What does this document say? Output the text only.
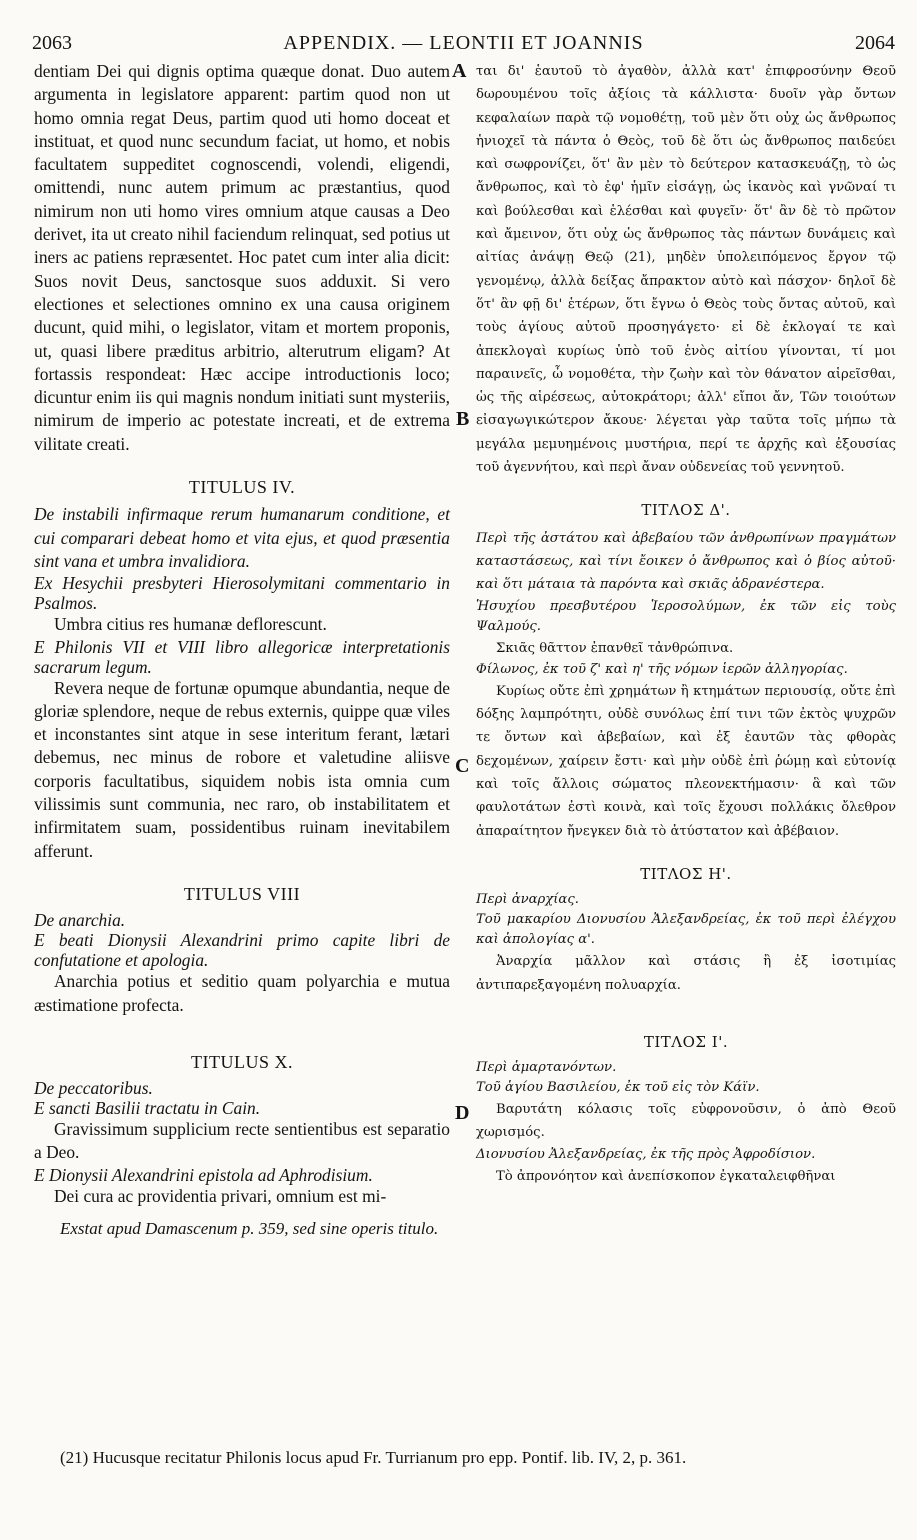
2063	APPENDIX. — LEONTII ET JOANNIS	2064

dentiam Dei qui dignis optima quæque donat. Duo autem argumenta in legislatore apparent: partim quod non ut homo omnia regat Deus, partim quod uti homo doceat et instituat, et quod nunc secundum faciat, ut homo, et nobis facultatem suppeditet cognoscendi, volendi, eligendi, omittendi, nunc autem primum ac præstantius, quod nimirum non uti homo vires omnium atque causas a Deo derivet, ita ut creato nihil faciendum relinquat, sed potius ut iners ac patiens repræsentet. Hoc patet cum inter alia dicit: Suos novit Deus, sanctosque suos adduxit. Si vero electiones et selectiones omnino ex una causa originem ducunt, quid mihi, o legislator, vitam et mortem proponis, ut, quasi libere præditus arbitrio, alterutrum eligam? At fortassis respondeat: Hæc accipe introductionis loco; dicuntur enim iis qui magnis nondum initiati sunt mysteriis, nimirum de imperio ac potestate increati, et de extrema vilitate creati.

TITULUS IV.

De instabili infirmaque rerum humanarum conditione, et cui comparari debeat homo et vita ejus, et quod præsentia sint vana et umbra invalidiora.

Ex Hesychii presbyteri Hierosolymitani commentario in Psalmos.

Umbra citius res humanæ deflorescunt.

E Philonis VII et VIII libro allegoricæ interpretationis sacrarum legum.

Revera neque de fortunæ opumque abundantia, neque de gloriæ splendore, neque de rebus externis, quippe quæ viles et inconstantes sint atque in sese interitum ferant, lætari debemus, nec minus de robore et valetudine aliisve corporis facultatibus, siquidem nobis ista omnia cum vilissimis sunt communia, nec raro, ob instabilitatem et infirmitatem suam, possidentibus ruinam inevitabilem afferunt.

TITULUS VIII

De anarchia.

E beati Dionysii Alexandrini primo capite libri de confutatione et apologia.

Anarchia potius et seditio quam polyarchia e mutua æstimatione profecta.

TITULUS X.

De peccatoribus.

E sancti Basilii tractatu in Cain.

Gravissimum supplicium recte sentientibus est separatio a Deo.

E Dionysii Alexandrini epistola ad Aphrodisium.

Dei cura ac providentia privari, omnium est mi-

ται δι' ἑαυτοῦ τὸ ἀγαθὸν, ἀλλὰ κατ' ἐπιφροσύνην Θεοῦ δωρουμένου τοῖς ἀξίοις τὰ κάλλιστα· δυοῖν γὰρ ὄντων κεφαλαίων παρὰ τῷ νομοθέτῃ, τοῦ μὲν ὅτι οὐχ ὡς ἄνθρωπος ἡνιοχεῖ τὰ πάντα ὁ Θεὸς, τοῦ δὲ ὅτι ὡς ἄνθρωπος παιδεύει καὶ σωφρονίζει, ὅτ' ἂν μὲν τὸ δεύτερον κατασκευάζῃ, τὸ ὡς ἄνθρωπος, καὶ τὸ ἐφ' ἡμῖν εἰσάγῃ, ὡς ἱκανὸς καὶ γνῶναί τι καὶ βούλεσθαι καὶ ἑλέσθαι καὶ φυγεῖν· ὅτ' ἂν δὲ τὸ πρῶτον καὶ ἄμεινον, ὅτι οὐχ ὡς ἄνθρωπος τὰς πάντων δυνάμεις καὶ αἰτίας ἀνάψῃ Θεῷ (21), μηδὲν ὑπολειπόμενος ἔργον τῷ γενομένῳ, ἀλλὰ δείξας ἄπρακτον αὐτὸ καὶ πάσχον· δηλοῖ δὲ ὅτ' ἂν φῇ δι' ἑτέρων, ὅτι ἔγνω ὁ Θεὸς τοὺς ὄντας αὐτοῦ, καὶ τοὺς ἁγίους αὐτοῦ προσηγάγετο· εἰ δὲ ἐκλογαί τε καὶ ἀπεκλογαὶ κυρίως ὑπὸ τοῦ ἑνὸς αἰτίου γίνονται, τί μοι παραινεῖς, ὦ νομοθέτα, τὴν ζωὴν καὶ τὸν θάνατον αἱρεῖσθαι, ὡς τῆς αἱρέσεως, αὐτοκράτορι; ἀλλ' εἴποι ἄν, Τῶν τοιούτων εἰσαγωγικώτερον ἄκουε· λέγεται γὰρ ταῦτα τοῖς μήπω τὰ μεγάλα μεμυημένοις μυστήρια, περί τε ἀρχῆς καὶ ἐξουσίας τοῦ ἀγεννήτου, καὶ περὶ ἄναν οὐδενείας τοῦ γεννητοῦ.

ΤΙΤΛΟΣ Δ'.

Περὶ τῆς ἀστάτου καὶ ἀβεβαίου τῶν ἀνθρωπίνων πραγμάτων καταστάσεως, καὶ τίνι ἔοικεν ὁ ἄνθρωπος καὶ ὁ βίος αὐτοῦ· καὶ ὅτι μάταια τὰ παρόντα καὶ σκιᾶς ἀδρανέστερα.

Ἡσυχίου πρεσβυτέρου Ἱεροσολύμων, ἐκ τῶν εἰς τοὺς Ψαλμούς.

Σκιᾶς θᾶττον ἐπανθεῖ τἀνθρώπινα.

Φίλωνος, ἐκ τοῦ ζ' καὶ η' τῆς νόμων ἱερῶν ἀλληγορίας.

Κυρίως οὔτε ἐπὶ χρημάτων ἢ κτημάτων περιουσίᾳ, οὔτε ἐπὶ δόξης λαμπρότητι, οὐδὲ συνόλως ἐπί τινι τῶν ἐκτὸς ψυχρῶν τε ὄντων καὶ ἀβεβαίων, καὶ ἐξ ἑαυτῶν τὰς φθορὰς δεχομένων, χαίρειν ἔστι· καὶ μὴν οὐδὲ ἐπὶ ῥώμῃ καὶ εὐτονίᾳ καὶ τοῖς ἄλλοις σώματος πλεονεκτήμασιν· ἃ καὶ τῶν φαυλοτάτων ἐστὶ κοινὰ, καὶ τοῖς ἔχουσι πολλάκις ὄλεθρον ἀπαραίτητον ἤνεγκεν διὰ τὸ ἀτύστατον καὶ ἀβέβαιον.

ΤΙΤΛΟΣ Η'.

Περὶ ἀναρχίας.

Τοῦ μακαρίου Διονυσίου Ἀλεξανδρείας, ἐκ τοῦ περὶ ἐλέγχου καὶ ἀπολογίας α'.

Ἀναρχία μᾶλλον καὶ στάσις ἢ ἐξ ἰσοτιμίας ἀντιπαρεξαγομένη πολυαρχία.

ΤΙΤΛΟΣ Ι'.

Περὶ ἁμαρτανόντων.

Τοῦ ἁγίου Βασιλείου, ἐκ τοῦ εἰς τὸν Κάϊν.

Βαρυτάτη κόλασις τοῖς εὐφρονοῦσιν, ὁ ἀπὸ Θεοῦ χωρισμός.

Διονυσίου Ἀλεξανδρείας, ἐκ τῆς πρὸς Ἀφροδίσιον.

Τὸ ἀπρονόητον καὶ ἀνεπίσκοπον ἐγκαταλειφθῆναι

A
B
C
D
Exstat apud Damascenum p. 359, sed sine operis titulo.
(21) Hucusque recitatur Philonis locus apud Fr. Turrianum pro epp. Pontif. lib. IV, 2, p. 361.
